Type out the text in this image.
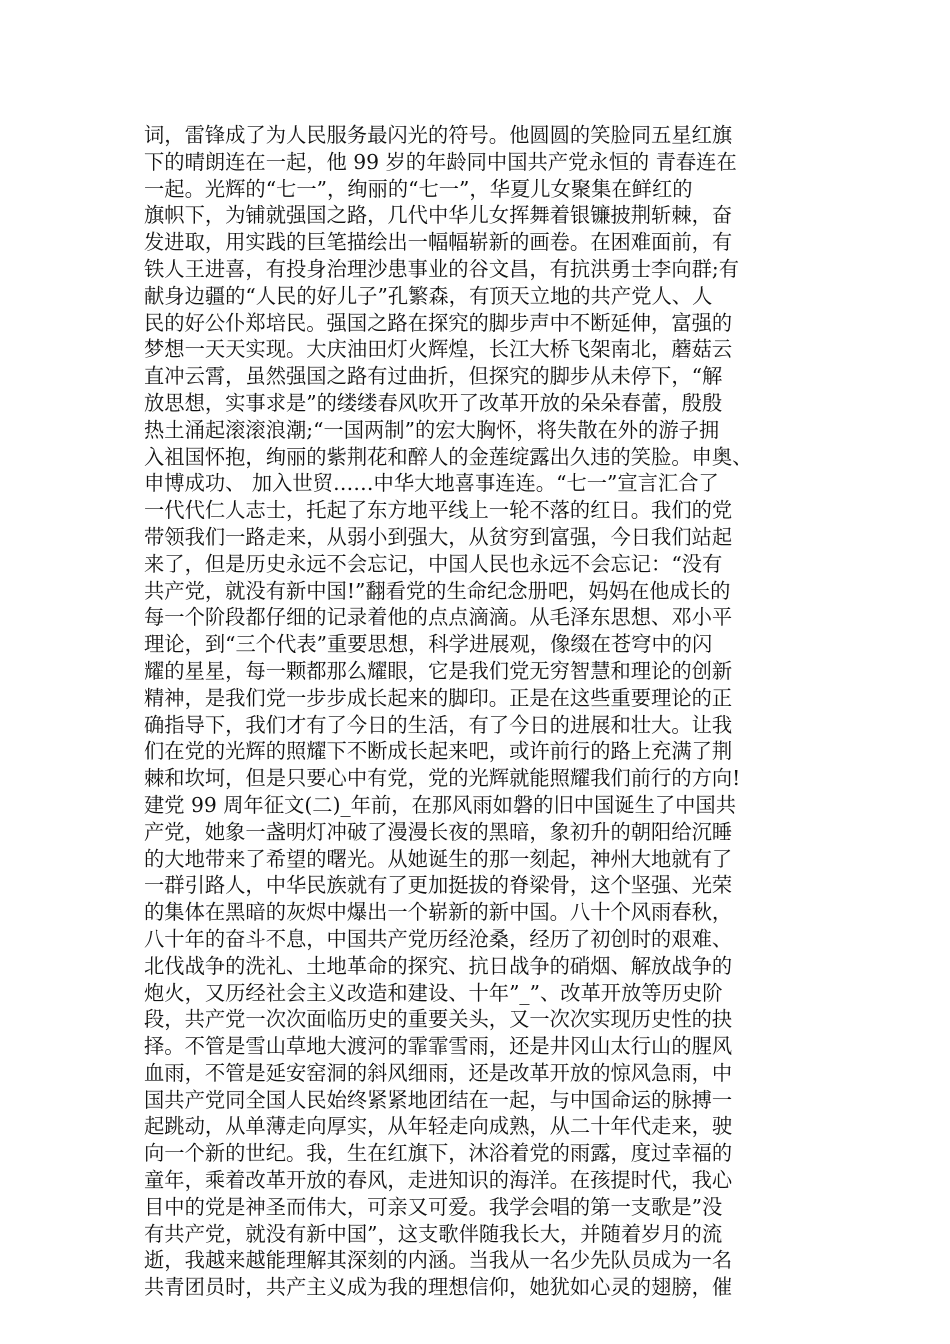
词，雷锋成了为人民服务最闪光的符号。他圆圆的笑脸同五星红旗
下的晴朗连在一起，他 99 岁的年龄同中国共产党永恒的 青春连在
一起。光辉的“七一”，绚丽的“七一”，华夏儿女聚集在鲜红的
旗帜下，为铺就强国之路，几代中华儿女挥舞着银镰披荆斩棘，奋
发进取，用实践的巨笔描绘出一幅幅崭新的画卷。在困难面前，有
铁人王进喜，有投身治理沙患事业的谷文昌，有抗洪勇士李向群;有
献身边疆的“人民的好儿子”孔繁森，有顶天立地的共产党人、人
民的好公仆郑培民。强国之路在探究的脚步声中不断延伸，富强的
梦想一天天实现。大庆油田灯火辉煌，长江大桥飞架南北，蘑菇云
直冲云霄，虽然强国之路有过曲折，但探究的脚步从未停下，“解
放思想，实事求是”的缕缕春风吹开了改革开放的朵朵春蕾，殷殷
热土涌起滚滚浪潮;“一国两制”的宏大胸怀，将失散在外的游子拥
入祖国怀抱，绚丽的紫荆花和醉人的金莲绽露出久违的笑脸。申奥、
申博成功、 加入世贸……中华大地喜事连连。“七一”宣言汇合了
一代代仁人志士，托起了东方地平线上一轮不落的红日。我们的党
带领我们一路走来，从弱小到强大，从贫穷到富强，今日我们站起
来了，但是历史永远不会忘记，中国人民也永远不会忘记：“没有
共产党，就没有新中国!”翻看党的生命纪念册吧，妈妈在他成长的
每一个阶段都仔细的记录着他的点点滴滴。从毛泽东思想、邓小平
理论，到“三个代表”重要思想，科学进展观，像缀在苍穹中的闪
耀的星星，每一颗都那么耀眼，它是我们党无穷智慧和理论的创新
精神，是我们党一步步成长起来的脚印。正是在这些重要理论的正
确指导下，我们才有了今日的生活，有了今日的进展和壮大。让我
们在党的光辉的照耀下不断成长起来吧，或许前行的路上充满了荆
棘和坎坷，但是只要心中有党，党的光辉就能照耀我们前行的方向!
建党 99 周年征文(二)_年前，在那风雨如磐的旧中国诞生了中国共
产党，她象一盏明灯冲破了漫漫长夜的黑暗，象初升的朝阳给沉睡
的大地带来了希望的曙光。从她诞生的那一刻起，神州大地就有了
一群引路人，中华民族就有了更加挺拔的脊梁骨，这个坚强、光荣
的集体在黑暗的灰烬中爆出一个崭新的新中国。八十个风雨春秋，
八十年的奋斗不息，中国共产党历经沧桑，经历了初创时的艰难、
北伐战争的洗礼、土地革命的探究、抗日战争的硝烟、解放战争的
炮火，又历经社会主义改造和建设、十年”_”、改革开放等历史阶
段，共产党一次次面临历史的重要关头，又一次次实现历史性的抉
择。不管是雪山草地大渡河的霏霏雪雨，还是井冈山太行山的腥风
血雨，不管是延安窑洞的斜风细雨，还是改革开放的惊风急雨，中
国共产党同全国人民始终紧紧地团结在一起，与中国命运的脉搏一
起跳动，从单薄走向厚实，从年轻走向成熟，从二十年代走来，驶
向一个新的世纪。我，生在红旗下，沐浴着党的雨露，度过幸福的
童年，乘着改革开放的春风，走进知识的海洋。在孩提时代，我心
目中的党是神圣而伟大，可亲又可爱。我学会唱的第一支歌是”没
有共产党，就没有新中国”，这支歌伴随我长大，并随着岁月的流
逝，我越来越能理解其深刻的内涵。当我从一名少先队员成为一名
共青团员时，共产主义成为我的理想信仰，她犹如心灵的翅膀，催
